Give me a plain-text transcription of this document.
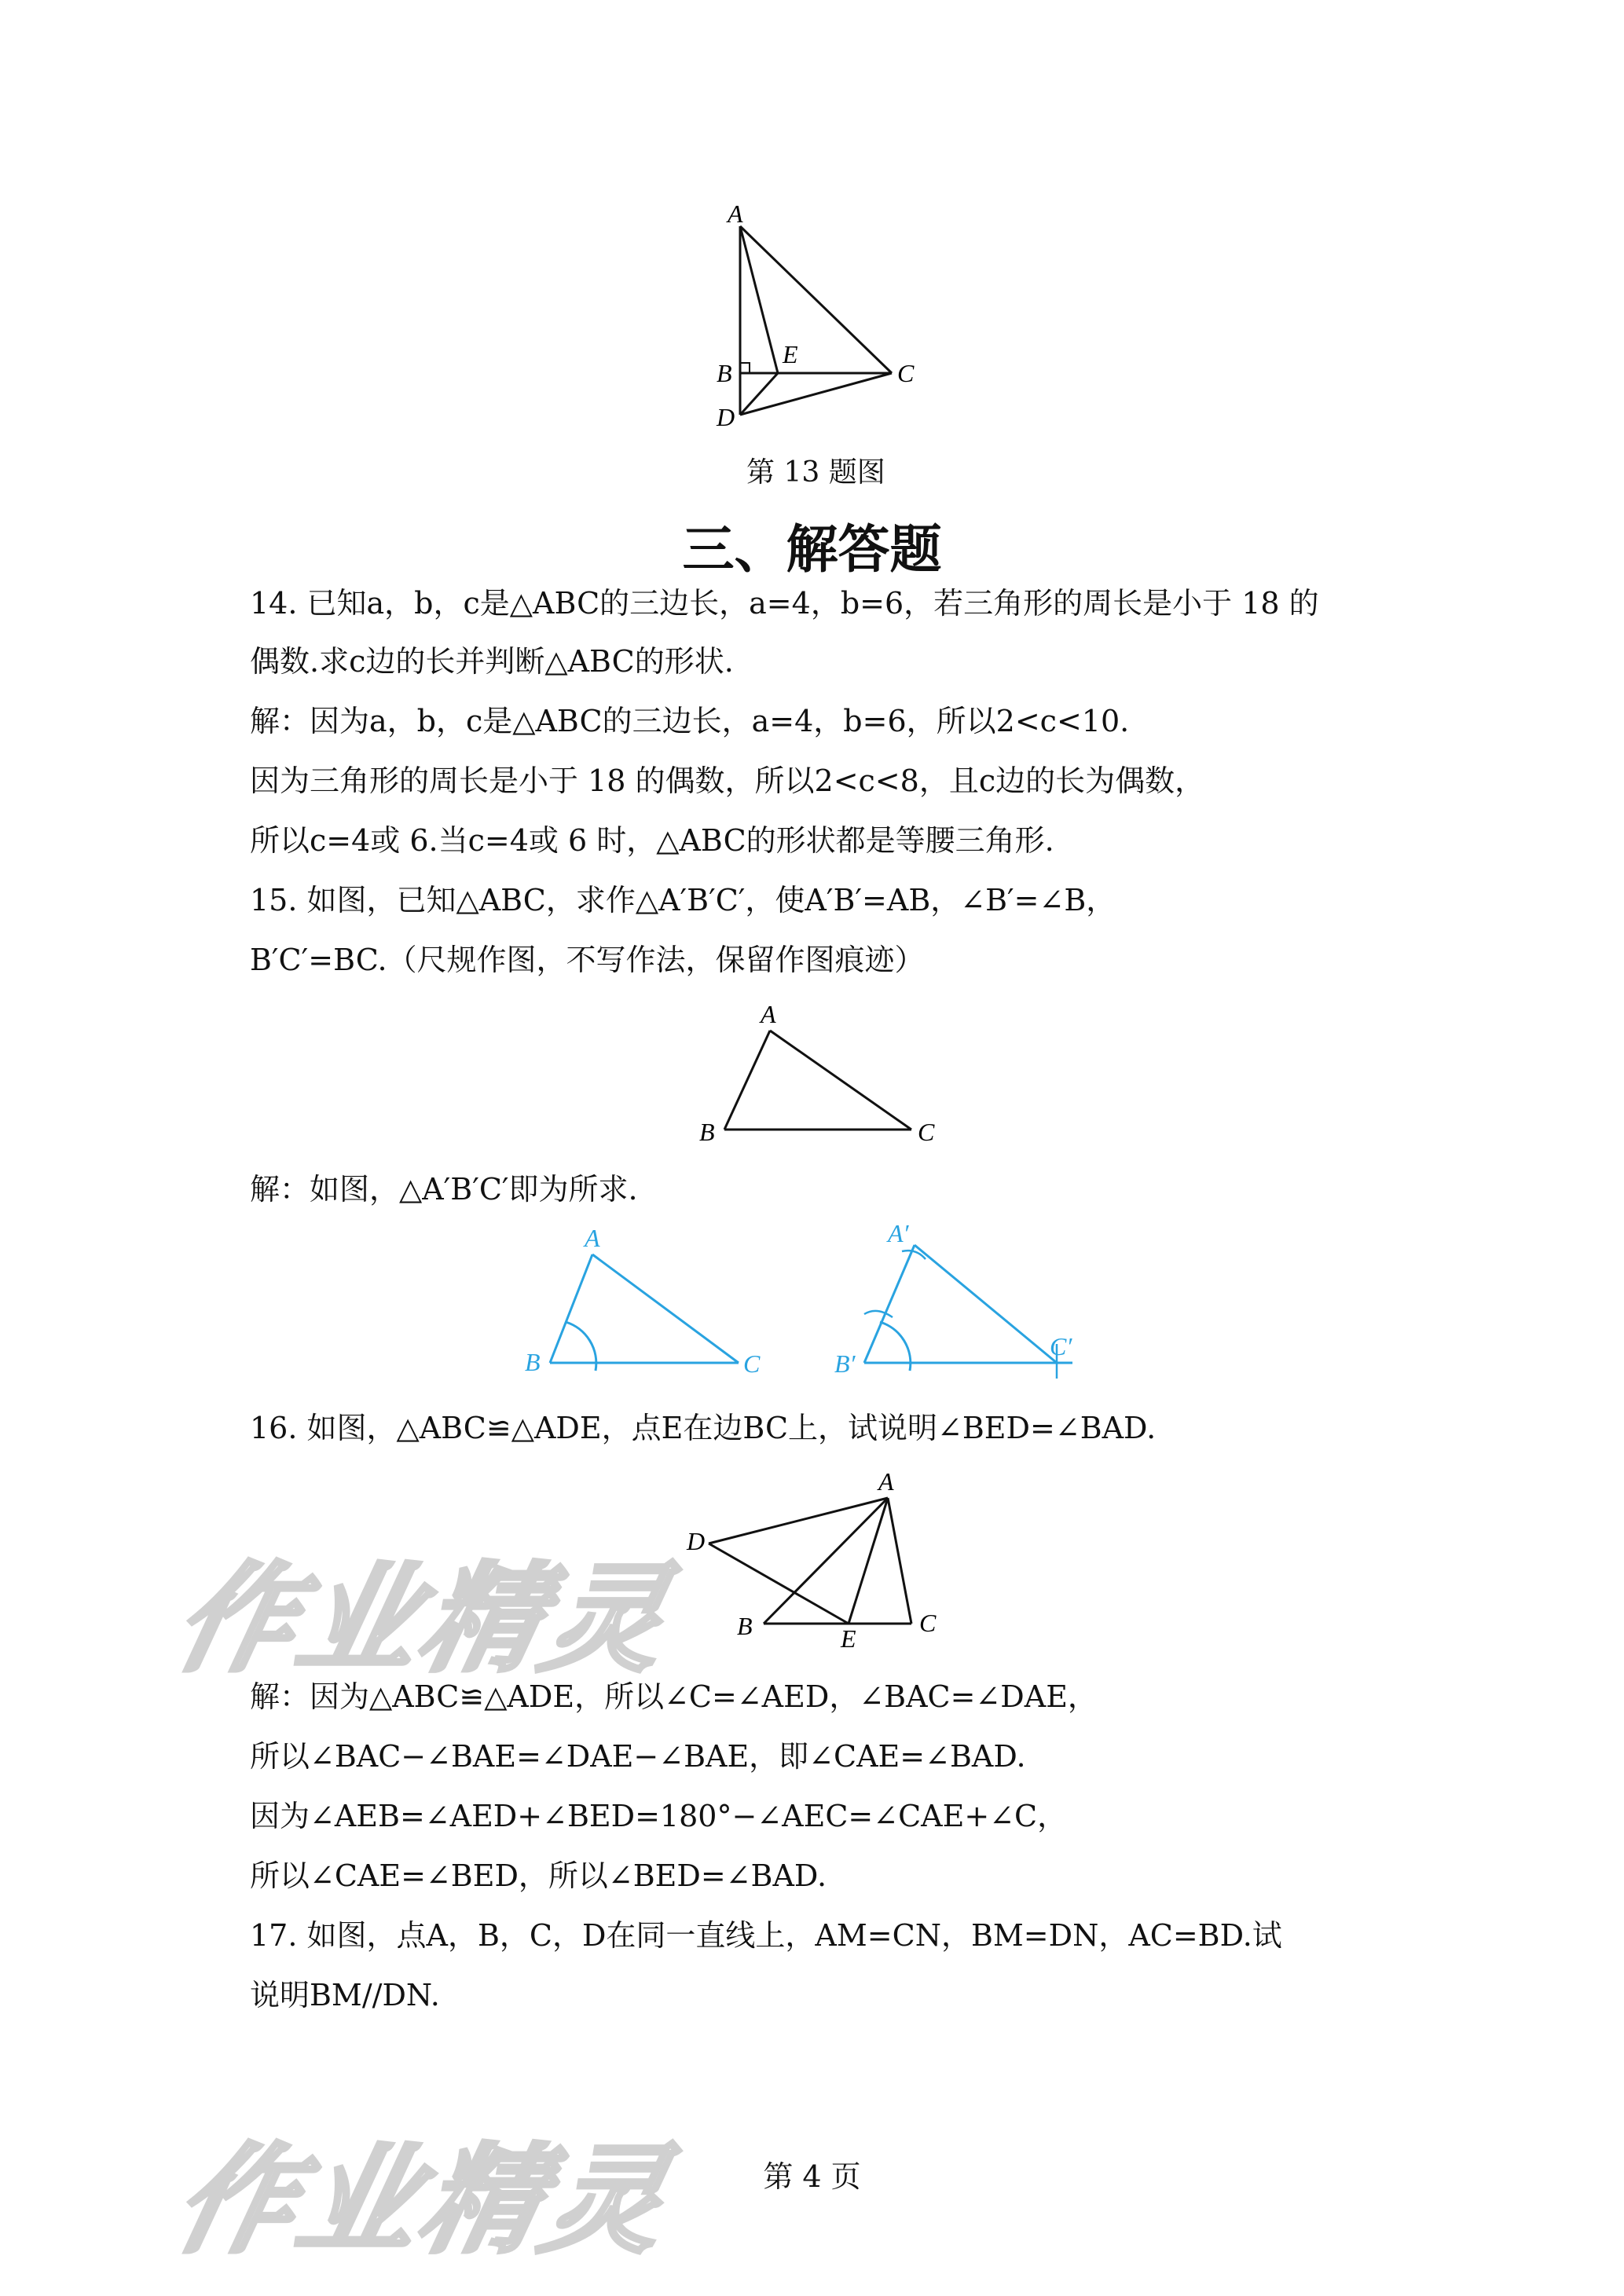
A
B
E
C
D
第 13 题图
三、解答题
14. 已知a，b，c是△ABC的三边长，a=4，b=6，若三角形的周长是小于 18 的
偶数.求c边的长并判断△ABC的形状.
解：因为a，b，c是△ABC的三边长，a=4，b=6，所以2<c<10.
因为三角形的周长是小于 18 的偶数，所以2<c<8，且c边的长为偶数，
所以c=4或 6.当c=4或 6 时，△ABC的形状都是等腰三角形.
15. 如图，已知△ABC，求作△A′B′C′，使A′B′=AB，∠B′=∠B，
B′C′=BC.（尺规作图，不写作法，保留作图痕迹）
A
B	C
解：如图，△A′B′C′即为所求.
A
B	C
A′
B′
C′
16. 如图，△ABC≌△ADE，点E在边BC上，试说明∠BED=∠BAD.
A
D
B	E
C
解：因为△ABC≌△ADE，所以∠C=∠AED，∠BAC=∠DAE，
所以∠BAC−∠BAE=∠DAE−∠BAE，即∠CAE=∠BAD.
因为∠AEB=∠AED+∠BED=180°−∠AEC=∠CAE+∠C，
所以∠CAE=∠BED，所以∠BED=∠BAD.
17. 如图，点A，B，C，D在同一直线上，AM=CN，BM=DN，AC=BD.试
说明BM//DN.
作业精灵
作业精灵	第 4 页
